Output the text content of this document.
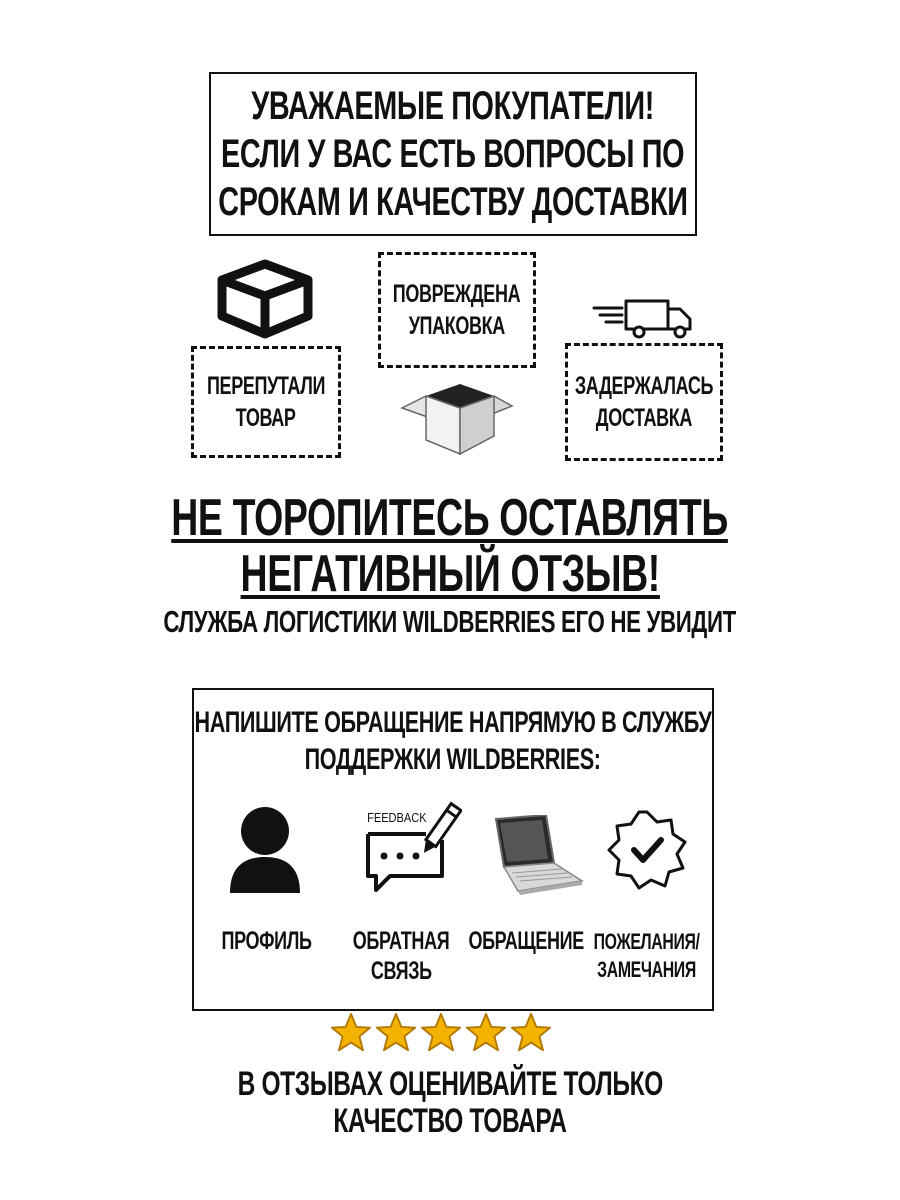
УВАЖАЕМЫЕ ПОКУПАТЕЛИ!
ЕСЛИ У ВАС ЕСТЬ ВОПРОСЫ ПО
СРОКАМ И КАЧЕСТВУ ДОСТАВКИ
ПОВРЕЖДЕНА
УПАКОВКА
ПЕРЕПУТАЛИ
ТОВАР
ЗАДЕРЖАЛАСЬ
ДОСТАВКА
НЕ ТОРОПИТЕСЬ ОСТАВЛЯТЬ
НЕГАТИВНЫЙ ОТЗЫВ!
СЛУЖБА ЛОГИСТИКИ WILDBERRIES ЕГО НЕ УВИДИТ
НАПИШИТЕ ОБРАЩЕНИЕ НАПРЯМУЮ В СЛУЖБУ
ПОДДЕРЖКИ WILDBERRIES:
FEEDBACK
ПРОФИЛЬ ОБРАТНАЯ
СВЯЗЬ
ОБРАЩЕНИЕ ПОЖЕЛАНИЯ/
ЗАМЕЧАНИЯ
В ОТЗЫВАХ ОЦЕНИВАЙТЕ ТОЛЬКО
КАЧЕСТВО ТОВАРА
